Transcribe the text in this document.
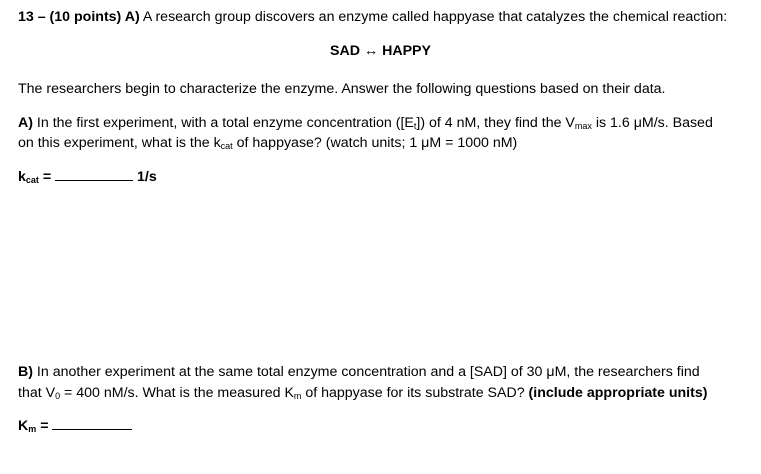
13 – (10 points) A) A research group discovers an enzyme called happyase that catalyzes the chemical reaction:
SAD ↔ HAPPY
The researchers begin to characterize the enzyme. Answer the following questions based on their data.
A) In the first experiment, with a total enzyme concentration $([E_t])$ of 4 nM, they find the $V_{max}$ is 1.6 μM/s. Based
on this experiment, what is the $k_{cat}$ of happyase? (watch units; 1 μM = 1000 nM)
$k_{cat}$ =	1/s
B) In another experiment at the same total enzyme concentration and a [SAD] of 30 μM, the researchers find
that $V_0 = 400$ nM/s. What is the measured $K_m$ of happyase for its substrate SAD? (include appropriate units)
$K_m$ =
